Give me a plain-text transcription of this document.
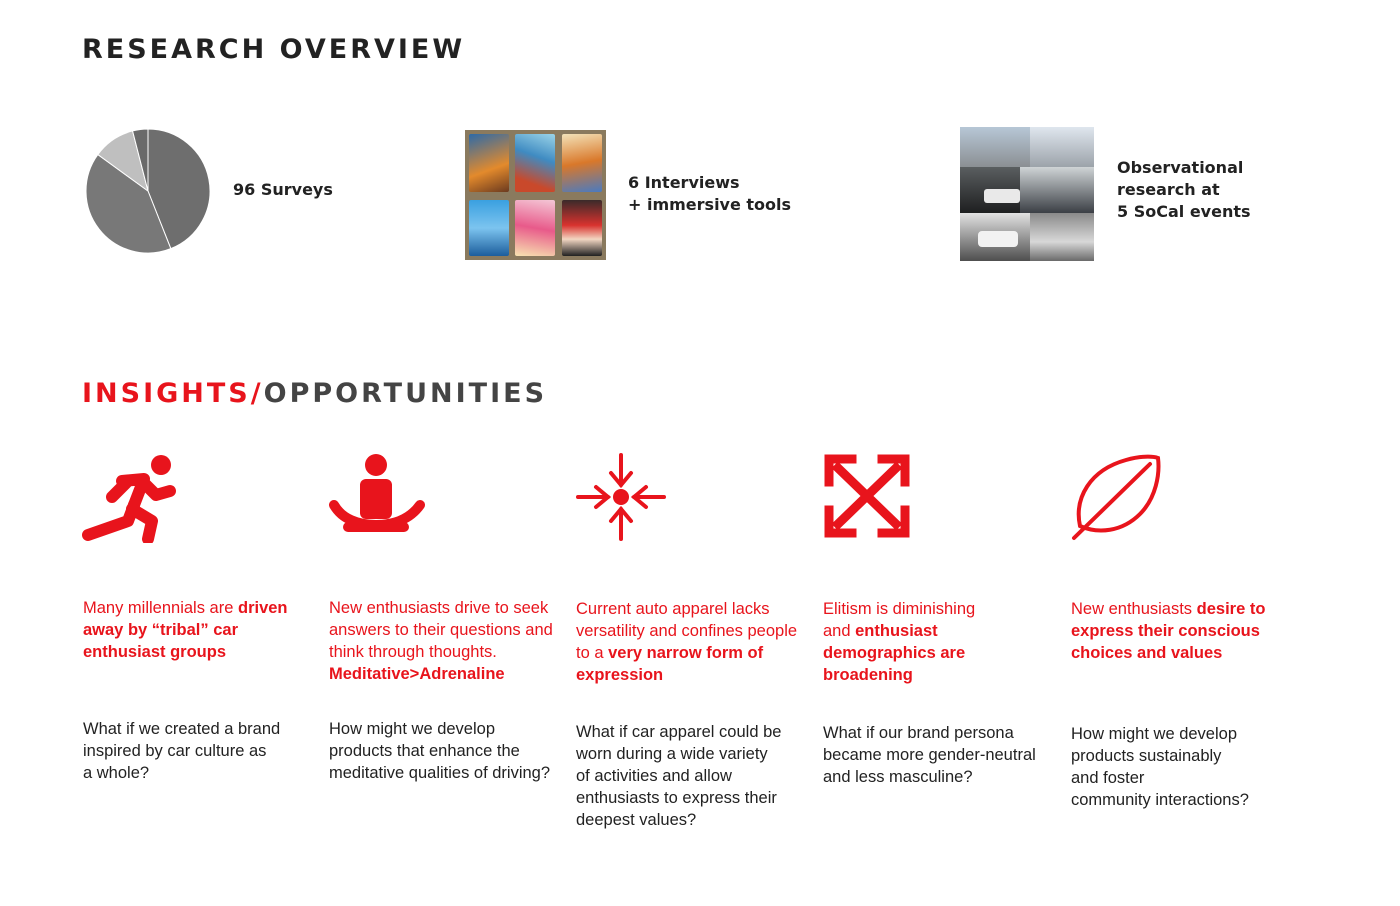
RESEARCH OVERVIEW
96 Surveys	6 Interviews
+ immersive tools
Observational
research at
5 SoCal events
INSIGHTS/OPPORTUNITIES
Many millennials are driven away by “tribal” car enthusiast groups
New enthusiasts drive to seek answers to their questions and think through thoughts. Meditative>Adrenaline
Current auto apparel lacks versatility and confines people to a very narrow form of expression
Elitism is diminishing and enthusiast demographics are broadening
New enthusiasts desire to express their conscious choices and values
What if we created a brand
inspired by car culture as
a whole?
How might we develop
products that enhance the
meditative qualities of driving?
What if car apparel could be
worn during a wide variety
of activities and allow
enthusiasts to express their
deepest values?
What if our brand persona
became more gender-neutral
and less masculine?
How might we develop
products sustainably
and foster
community interactions?
